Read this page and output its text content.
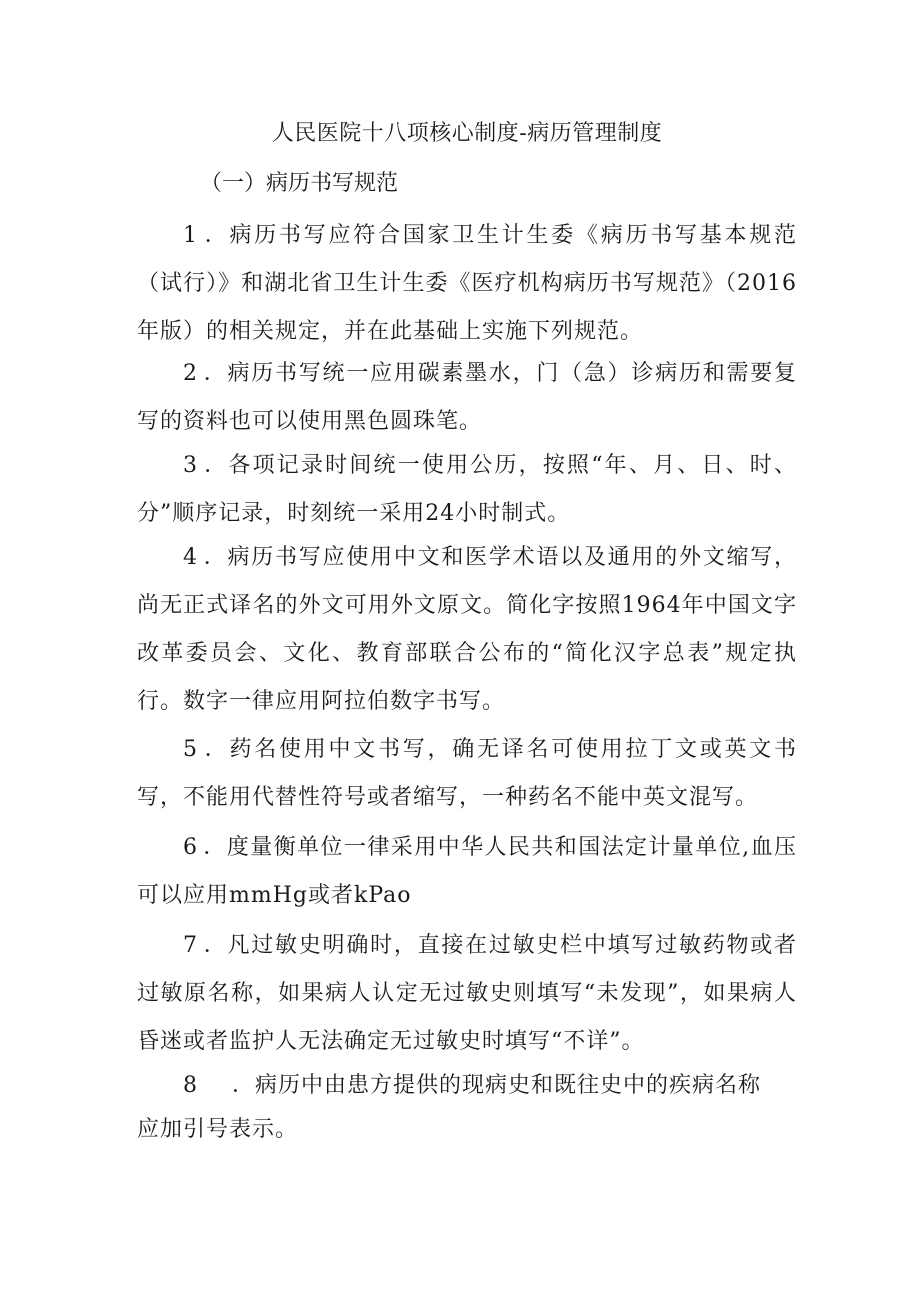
人民医院十八项核心制度-病历管理制度
（一）病历书写规范

1．病历书写应符合国家卫生计生委《病历书写基本规范（试行）》和湖北省卫生计生委《医疗机构病历书写规范》（2016年版）的相关规定，并在此基础上实施下列规范。

2．病历书写统一应用碳素墨水，门（急）诊病历和需要复写的资料也可以使用黑色圆珠笔。

3．各项记录时间统一使用公历，按照“年、月、日、时、分”顺序记录，时刻统一采用24小时制式。

4．病历书写应使用中文和医学术语以及通用的外文缩写，尚无正式译名的外文可用外文原文。简化字按照1964年中国文字改革委员会、文化、教育部联合公布的“简化汉字总表”规定执行。数字一律应用阿拉伯数字书写。

5．药名使用中文书写，确无译名可使用拉丁文或英文书写，不能用代替性符号或者缩写，一种药名不能中英文混写。

6．度量衡单位一律采用中华人民共和国法定计量单位,血压可以应用mmHg或者kPao

7．凡过敏史明确时，直接在过敏史栏中填写过敏药物或者过敏原名称，如果病人认定无过敏史则填写“未发现”，如果病人昏迷或者监护人无法确定无过敏史时填写“不详”。

8 ．病历中由患方提供的现病史和既往史中的疾病名称
应加引号表示。
